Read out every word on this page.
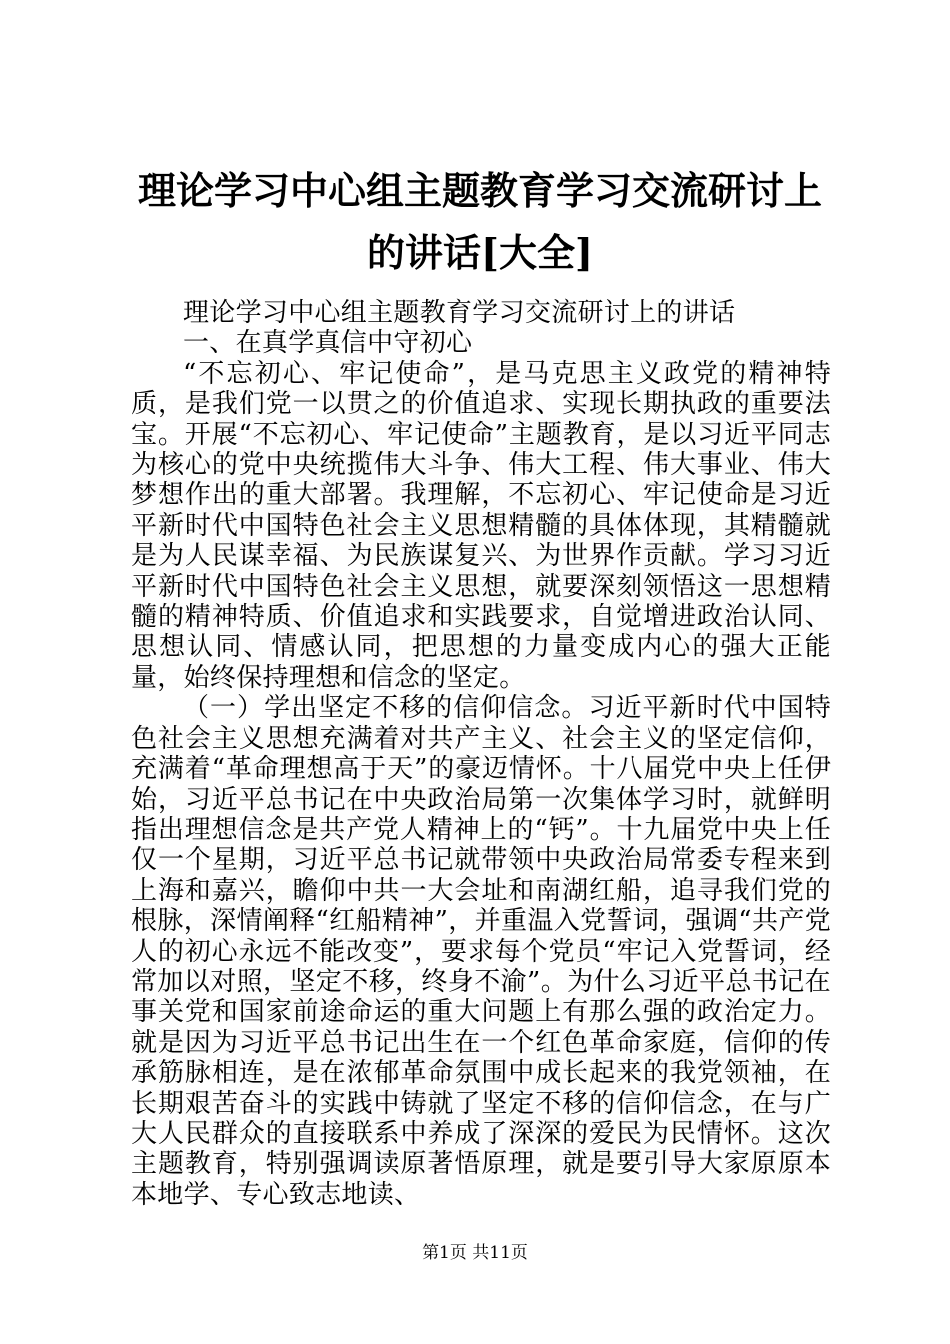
理论学习中心组主题教育学习交流研讨上的讲话[大全]

理论学习中心组主题教育学习交流研讨上的讲话

一、在真学真信中守初心

“不忘初心、牢记使命”，是马克思主义政党的精神特质，是我们党一以贯之的价值追求、实现长期执政的重要法宝。开展“不忘初心、牢记使命”主题教育，是以习近平同志为核心的党中央统揽伟大斗争、伟大工程、伟大事业、伟大梦想作出的重大部署。我理解，不忘初心、牢记使命是习近平新时代中国特色社会主义思想精髓的具体体现，其精髓就是为人民谋幸福、为民族谋复兴、为世界作贡献。学习习近平新时代中国特色社会主义思想，就要深刻领悟这一思想精髓的精神特质、价值追求和实践要求，自觉增进政治认同、思想认同、情感认同，把思想的力量变成内心的强大正能量，始终保持理想和信念的坚定。

（一）学出坚定不移的信仰信念。习近平新时代中国特色社会主义思想充满着对共产主义、社会主义的坚定信仰，充满着“革命理想高于天”的豪迈情怀。十八届党中央上任伊始，习近平总书记在中央政治局第一次集体学习时，就鲜明指出理想信念是共产党人精神上的“钙”。十九届党中央上任仅一个星期，习近平总书记就带领中央政治局常委专程来到上海和嘉兴，瞻仰中共一大会址和南湖红船，追寻我们党的根脉，深情阐释“红船精神”，并重温入党誓词，强调“共产党人的初心永远不能改变”，要求每个党员“牢记入党誓词，经常加以对照，坚定不移，终身不渝”。为什么习近平总书记在事关党和国家前途命运的重大问题上有那么强的政治定力。就是因为习近平总书记出生在一个红色革命家庭，信仰的传承筋脉相连，是在浓郁革命氛围中成长起来的我党领袖，在长期艰苦奋斗的实践中铸就了坚定不移的信仰信念，在与广大人民群众的直接联系中养成了深深的爱民为民情怀。这次主题教育，特别强调读原著悟原理，就是要引导大家原原本本地学、专心致志地读、

第1页 共11页
